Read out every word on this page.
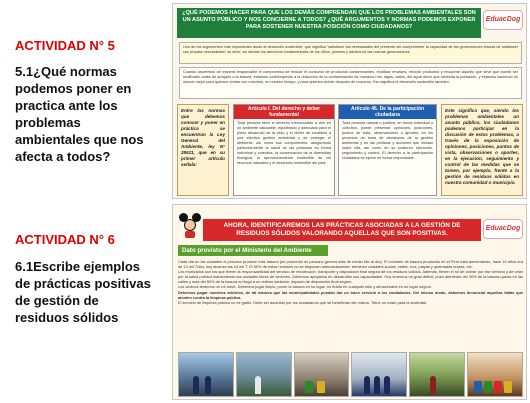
ACTIVIDAD N° 5
5.1¿Qué normas podemos poner en practica ante los problemas ambientales que nos afecta a todos?
ACTIVIDAD N° 6
6.1Escribe ejemplos de prácticas positivas de gestión de residuos sólidos
¿QUÉ PODEMOS HACER PARA QUE LOS DEMÁS COMPRENDAN QUE LOS PROBLEMAS AMBIENTALES SON UN ASUNTO PÚBLICO Y NOS CONCIERNE A TODOS? ¿QUÉ ARGUMENTOS Y NORMAS PODEMOS EXPONER PARA SOSTENER NUESTRA POSICIÓN COMO CIUDADANOS?
EduacDog
Uno de los argumentos más importantes aludo al desarrollo sostenible, que significa "satisfacer las necesidades del presente sin comprometer la capacidad de las generaciones futuras de satisfacer sus propias necesidades" es decir, sin afectar los derechos fundamentales de los niños, jóvenes y adultos de las nuevas generaciones.
Cuando asumimos de manera responsable el compromiso de reducir el consumo de productos contaminantes, reutilizar envases, reciclar productos y recuperar aquello que sirve que puede ser reutilizado antes de arrojarlo a la basura, estamos contribuyendo a la reducción de la contaminación de nuestros ríos, lagos, valles, del agua dulce que necesita la población, y estamos haciendo un mundo mejor para quienes vivirán con nosotros, en nuestro tiempo, y para quienes vivirán después de nosotros. Eso significa el desarrollo sostenible también.
Entre las normas que debemos conocer y poner en práctica se encuentran la Ley General del Ambiente, ley N° 28611, que en su primer artículo señala:
Artículo I. Del derecho y deber fundamental
Toda persona tiene el derecho irrenunciable a vivir en un ambiente saludable, equilibrado y adecuado para el pleno desarrollo de la vida; y el deber de contribuir a una efectiva gestión ambiental y de proteger el ambiente, así como sus componentes, asegurando particularmente la salud de las personas en forma individual y colectiva, la conservación de la diversidad biológica, el aprovechamiento sostenible de los recursos naturales y el desarrollo sostenible del país.
Artículo 46. De la participación ciudadana
Toda persona natural o jurídica, en forma individual o colectiva, puede presentar opiniones, posiciones, puntos de vista, observaciones u aportes, en los procesos de toma de decisiones de la gestión ambiental y en las políticas y acciones que incidan sobre ella, así como en su posterior ejecución, seguimiento y control. El derecho a la participación ciudadana se ejerce en forma responsable.
Este significa que, siendo los problemas ambientales un asunto público, los ciudadanos podemos participar en la discusión de estos problemas, a través de la exposición de opiniones, posiciones, puntos de vista, observaciones o aportes, en la ejecución, seguimiento y control de las medidas que se tomen, por ejemplo, frente a la gestión de residuos sólidos en nuestra comunidad o municipio.
AHORA, IDENTIFICAREMOS LAS PRÁCTICAS ASOCIADAS A LA GESTIÓN DE RESIDUOS SÓLIDOS VALORANDO AQUELLAS QUE SON POSITIVAS.
EduacDog
Dato provisto por el Ministerio del Ambiente

Cada día en las ciudades el peruano produce más basura (en promedio un peruano genera más de medio kilo al día). El volumen de basura producido en el Perú está aumentando, hace 10 años era de 13 mil T/día, hoy alcanza las 18 mil T. El 50% de estos residuos no se disponen adecuadamente: terminan ciudades sucias, calles, ríos, playas y quebradas sucias, etc.

Los municipios son los que tienen la responsabilidad del servicio de recolección, transporte y disposición final segura de los residuos sólidos. Además, tienen el rol de cobrar por ese servicio y de velar por la salud pública manteniendo las ciudades libres de vectores. Debemos apoyarlos en desarrollar sus capacidades. Hoy tenemos un gran déficit, pues alrededor del 30% de la basura queda en las calles y más del 50% de la basura no llega a un relleno sanitario, espacio de disposición final seguro.

Los vecinos tenemos un rol clave. Debemos jugar limpio, poner la basura en su lugar, no tirarla en cualquier sitio y almacenarla en un lugar seguro.

Debemos pagar nuestros arbitrios, de tal manera que las municipalidades puedan dar un buen servicio a los ciudadanos. Del mismo modo, debemos denunciar aquellas faltas que atenten contra la limpieza pública.

El servicio de limpieza pública no es gratis. Debe ser asumido por los ciudadanos que se benefician del mismo. Tiene un costo para la sociedad.
